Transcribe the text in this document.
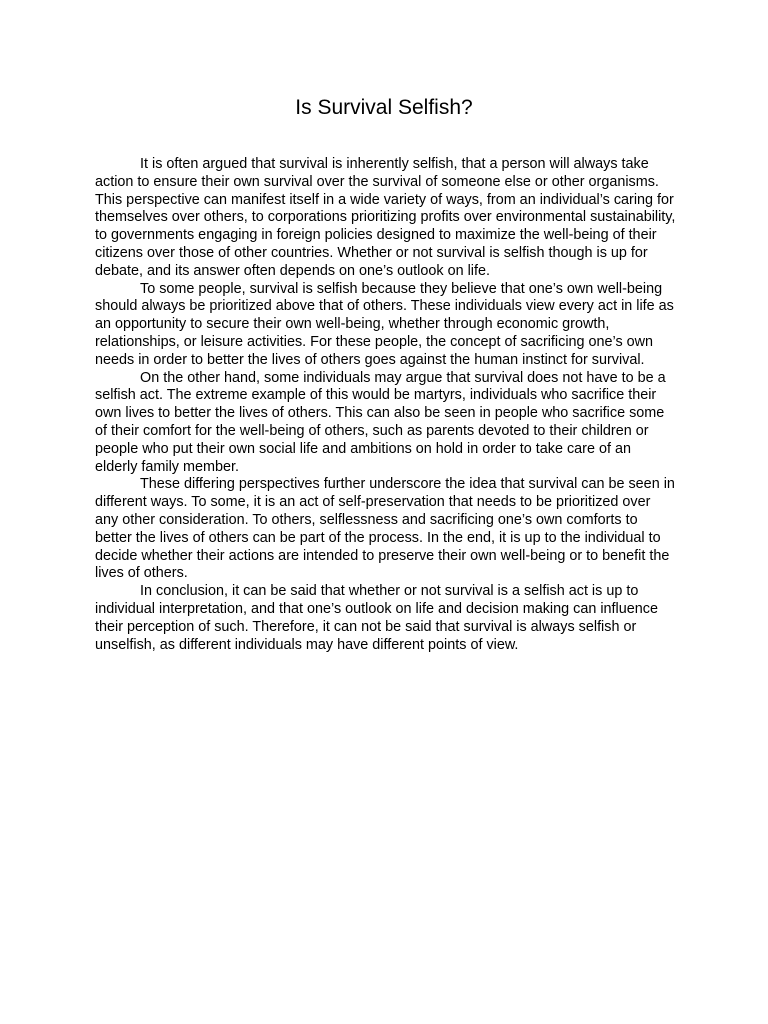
Is Survival Selfish?

It is often argued that survival is inherently selfish, that a person will always take action to ensure their own survival over the survival of someone else or other organisms. This perspective can manifest itself in a wide variety of ways, from an individual’s caring for themselves over others, to corporations prioritizing profits over environmental sustainability, to governments engaging in foreign policies designed to maximize the well-being of their citizens over those of other countries. Whether or not survival is selfish though is up for debate, and its answer often depends on one’s outlook on life.

To some people, survival is selfish because they believe that one’s own well-being should always be prioritized above that of others. These individuals view every act in life as an opportunity to secure their own well-being, whether through economic growth, relationships, or leisure activities. For these people, the concept of sacrificing one’s own needs in order to better the lives of others goes against the human instinct for survival.

On the other hand, some individuals may argue that survival does not have to be a selfish act. The extreme example of this would be martyrs, individuals who sacrifice their own lives to better the lives of others. This can also be seen in people who sacrifice some of their comfort for the well-being of others, such as parents devoted to their children or people who put their own social life and ambitions on hold in order to take care of an elderly family member.

These differing perspectives further underscore the idea that survival can be seen in different ways. To some, it is an act of self-preservation that needs to be prioritized over any other consideration. To others, selflessness and sacrificing one’s own comforts to better the lives of others can be part of the process. In the end, it is up to the individual to decide whether their actions are intended to preserve their own well-being or to benefit the lives of others.

In conclusion, it can be said that whether or not survival is a selfish act is up to individual interpretation, and that one’s outlook on life and decision making can influence their perception of such. Therefore, it can not be said that survival is always selfish or unselfish, as different individuals may have different points of view.
